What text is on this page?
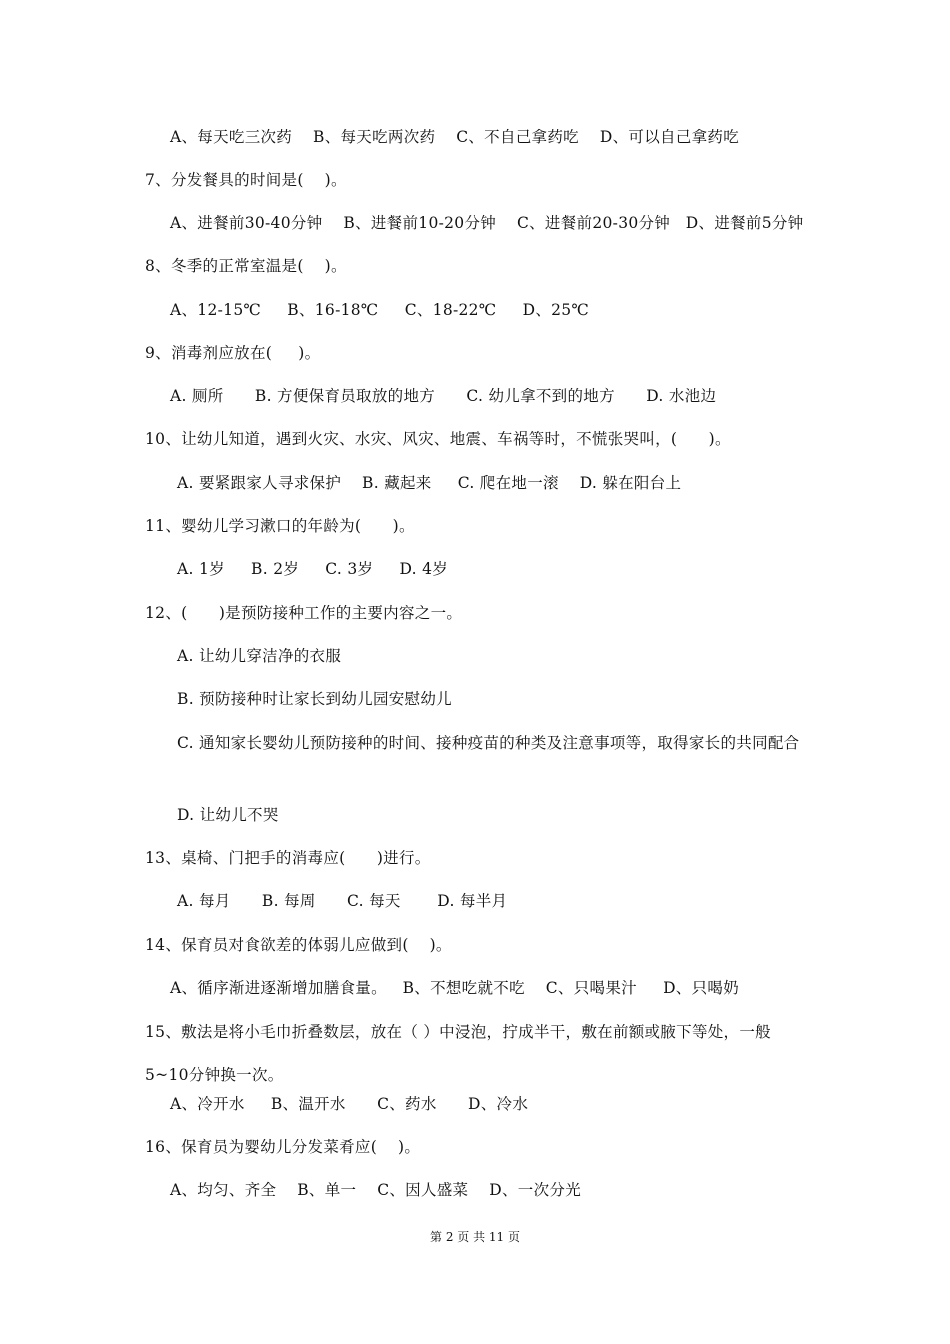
A、每天吃三次药    B、每天吃两次药    C、不自己拿药吃    D、可以自己拿药吃
7、分发餐具的时间是(    )。
A、进餐前30-40分钟    B、进餐前10-20分钟    C、进餐前20-30分钟   D、进餐前5分钟
8、冬季的正常室温是(    )。
A、12-15℃     B、16-18℃     C、18-22℃     D、25℃
9、消毒剂应放在(     )。
A. 厕所      B. 方便保育员取放的地方      C. 幼儿拿不到的地方      D. 水池边
10、让幼儿知道，遇到火灾、水灾、风灾、地震、车祸等时，不慌张哭叫，(      )。
A. 要紧跟家人寻求保护    B. 藏起来     C. 爬在地一滚    D. 躲在阳台上
11、婴幼儿学习漱口的年龄为(      )。
A. 1岁     B. 2岁     C. 3岁     D. 4岁
12、(      )是预防接种工作的主要内容之一。
A. 让幼儿穿洁净的衣服
B. 预防接种时让家长到幼儿园安慰幼儿
C. 通知家长婴幼儿预防接种的时间、接种疫苗的种类及注意事项等，取得家长的共同配合
D. 让幼儿不哭
13、桌椅、门把手的消毒应(      )进行。
A. 每月      B. 每周      C. 每天       D. 每半月
14、保育员对食欲差的体弱儿应做到(    )。
A、循序渐进逐渐增加膳食量。   B、不想吃就不吃    C、只喝果汁     D、只喝奶
15、敷法是将小毛巾折叠数层，放在（ ）中浸泡，拧成半干，敷在前额或腋下等处，一般5~10分钟换一次。
A、冷开水     B、温开水      C、药水      D、冷水
16、保育员为婴幼儿分发菜肴应(    )。
A、均匀、齐全    B、单一    C、因人盛菜    D、一次分光
第 2 页 共 11 页
